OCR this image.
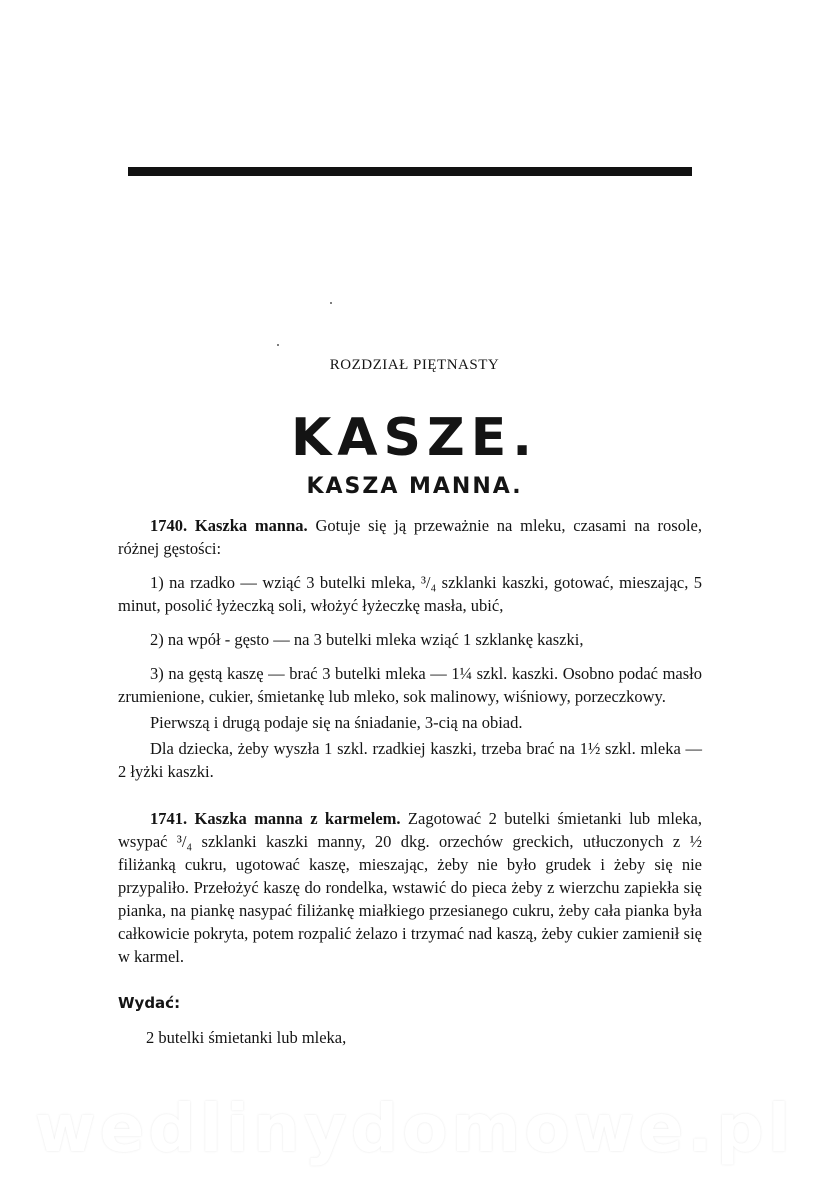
ROZDZIAŁ PIĘTNASTY
KASZE.
KASZA MANNA.

1740. Kaszka manna. Gotuje się ją przeważnie na mleku, czasami na rosole, różnej gęstości:

1) na rzadko — wziąć 3 butelki mleka, ³/₄ szklanki kaszki, gotować, mieszając, 5 minut, posolić łyżeczką soli, włożyć łyżeczkę masła, ubić,

2) na wpół - gęsto — na 3 butelki mleka wziąć 1 szklankę kaszki,

3) na gęstą kaszę — brać 3 butelki mleka — 1¼ szkl. kaszki. Osobno podać masło zrumienione, cukier, śmietankę lub mleko, sok malinowy, wiśniowy, porzeczkowy.

Pierwszą i drugą podaje się na śniadanie, 3-cią na obiad.

Dla dziecka, żeby wyszła 1 szkl. rzadkiej kaszki, trzeba brać na 1½ szkl. mleka — 2 łyżki kaszki.

1741. Kaszka manna z karmelem. Zagotować 2 butelki śmietanki lub mleka, wsypać ³/₄ szklanki kaszki manny, 20 dkg. orzechów greckich, utłuczonych z ½ filiżanką cukru, ugotować kaszę, mieszając, żeby nie było grudek i żeby się nie przypaliło. Przełożyć kaszę do rondelka, wstawić do pieca żeby z wierzchu zapiekła się pianka, na piankę nasypać filiżankę miałkiego przesianego cukru, żeby cała pianka była całkowicie pokryta, potem rozpalić żelazo i trzymać nad kaszą, żeby cukier zamienił się w karmel.

Wydać:

2 butelki śmietanki lub mleka,

wedlinydomowe.pl
